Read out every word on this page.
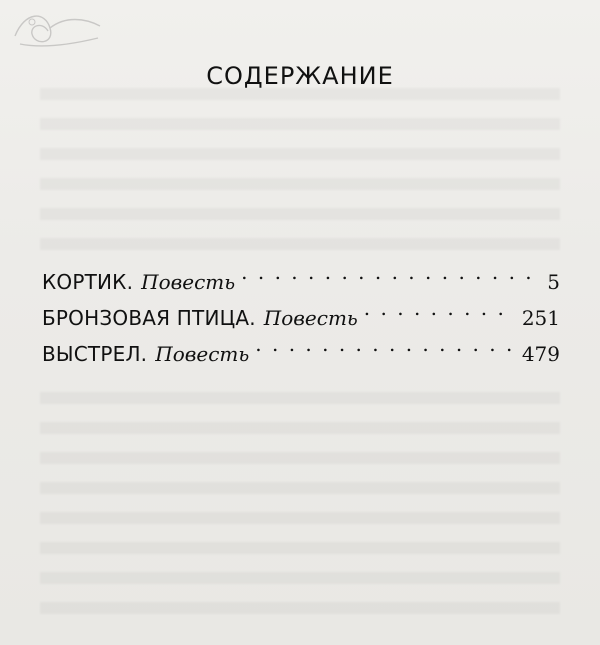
СОДЕРЖАНИЕ
КОРТИК. Повесть . . .	5
БРОНЗОВАЯ ПТИЦА. Повесть . . .	251
ВЫСТРЕЛ. Повесть . . .	479
